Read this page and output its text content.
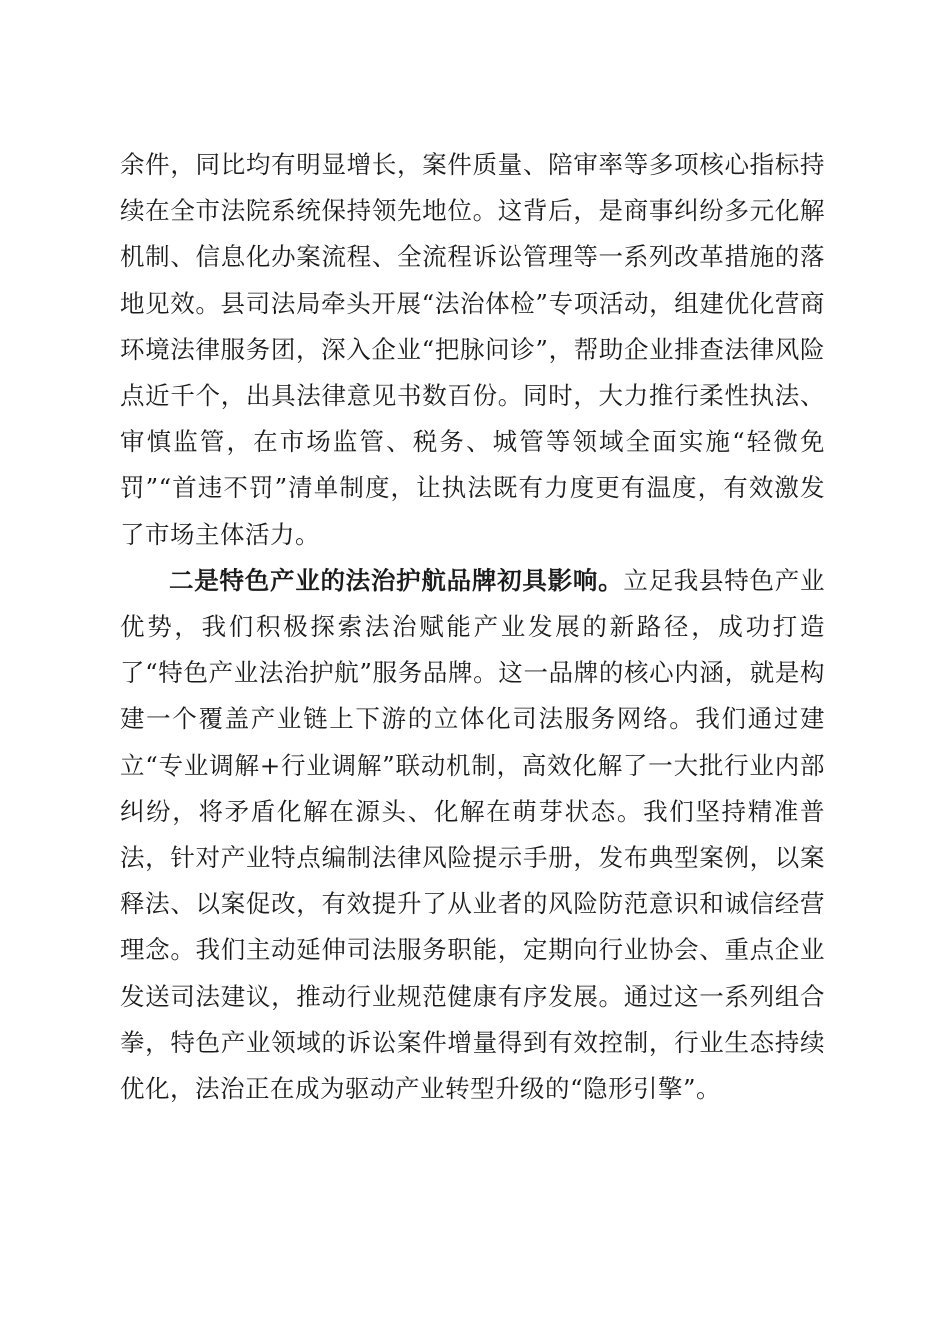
余件，同比均有明显增长，案件质量、陪审率等多项核心指标持续在全市法院系统保持领先地位。这背后，是商事纠纷多元化解机制、信息化办案流程、全流程诉讼管理等一系列改革措施的落地见效。县司法局牵头开展“法治体检”专项活动，组建优化营商环境法律服务团，深入企业“把脉问诊”，帮助企业排查法律风险点近千个，出具法律意见书数百份。同时，大力推行柔性执法、审慎监管，在市场监管、税务、城管等领域全面实施“轻微免罚”“首违不罚”清单制度，让执法既有力度更有温度，有效激发了市场主体活力。

二是特色产业的法治护航品牌初具影响。立足我县特色产业优势，我们积极探索法治赋能产业发展的新路径，成功打造了“特色产业法治护航”服务品牌。这一品牌的核心内涵，就是构建一个覆盖产业链上下游的立体化司法服务网络。我们通过建立“专业调解+行业调解”联动机制，高效化解了一大批行业内部纠纷，将矛盾化解在源头、化解在萌芽状态。我们坚持精准普法，针对产业特点编制法律风险提示手册，发布典型案例，以案释法、以案促改，有效提升了从业者的风险防范意识和诚信经营理念。我们主动延伸司法服务职能，定期向行业协会、重点企业发送司法建议，推动行业规范健康有序发展。通过这一系列组合拳，特色产业领域的诉讼案件增量得到有效控制，行业生态持续优化，法治正在成为驱动产业转型升级的“隐形引擎”。
